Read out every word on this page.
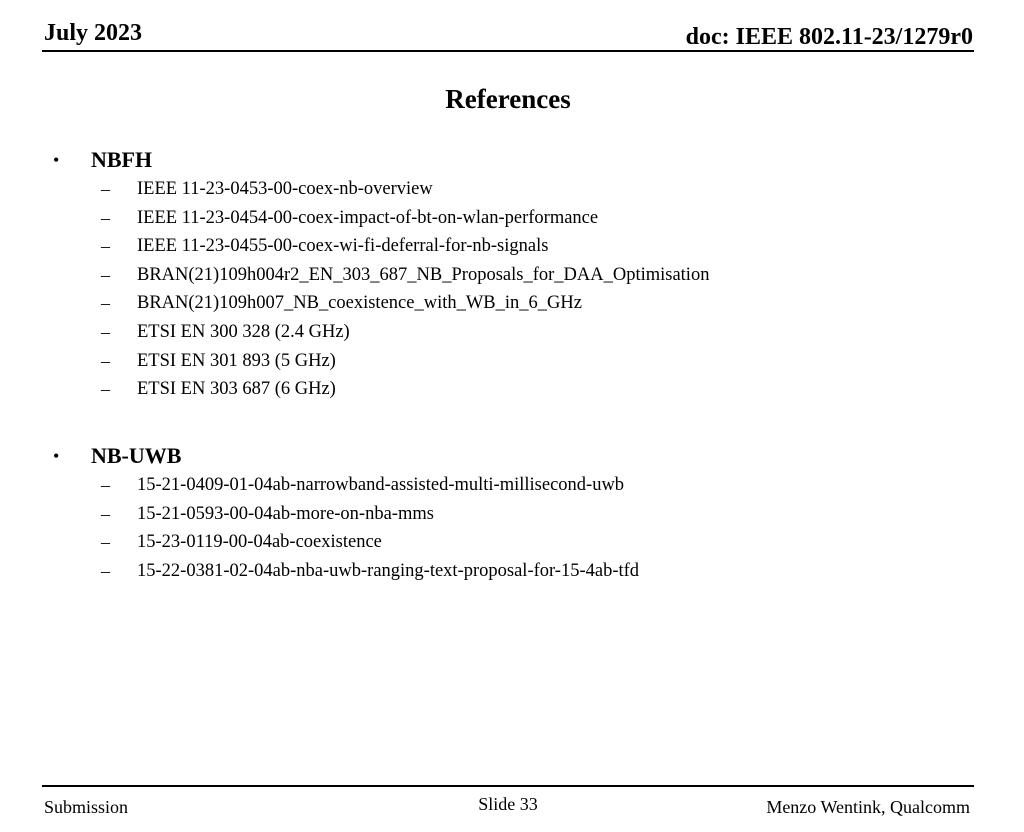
July 2023	doc: IEEE 802.11-23/1279r0
References
• NBFH
– IEEE 11-23-0453-00-coex-nb-overview
– IEEE 11-23-0454-00-coex-impact-of-bt-on-wlan-performance
– IEEE 11-23-0455-00-coex-wi-fi-deferral-for-nb-signals
– BRAN(21)109h004r2_EN_303_687_NB_Proposals_for_DAA_Optimisation
– BRAN(21)109h007_NB_coexistence_with_WB_in_6_GHz
– ETSI EN 300 328 (2.4 GHz)
– ETSI EN 301 893 (5 GHz)
– ETSI EN 303 687 (6 GHz)
• NB-UWB
– 15-21-0409-01-04ab-narrowband-assisted-multi-millisecond-uwb
– 15-21-0593-00-04ab-more-on-nba-mms
– 15-23-0119-00-04ab-coexistence
– 15-22-0381-02-04ab-nba-uwb-ranging-text-proposal-for-15-4ab-tfd
Submission	Slide 33	Menzo Wentink, Qualcomm
